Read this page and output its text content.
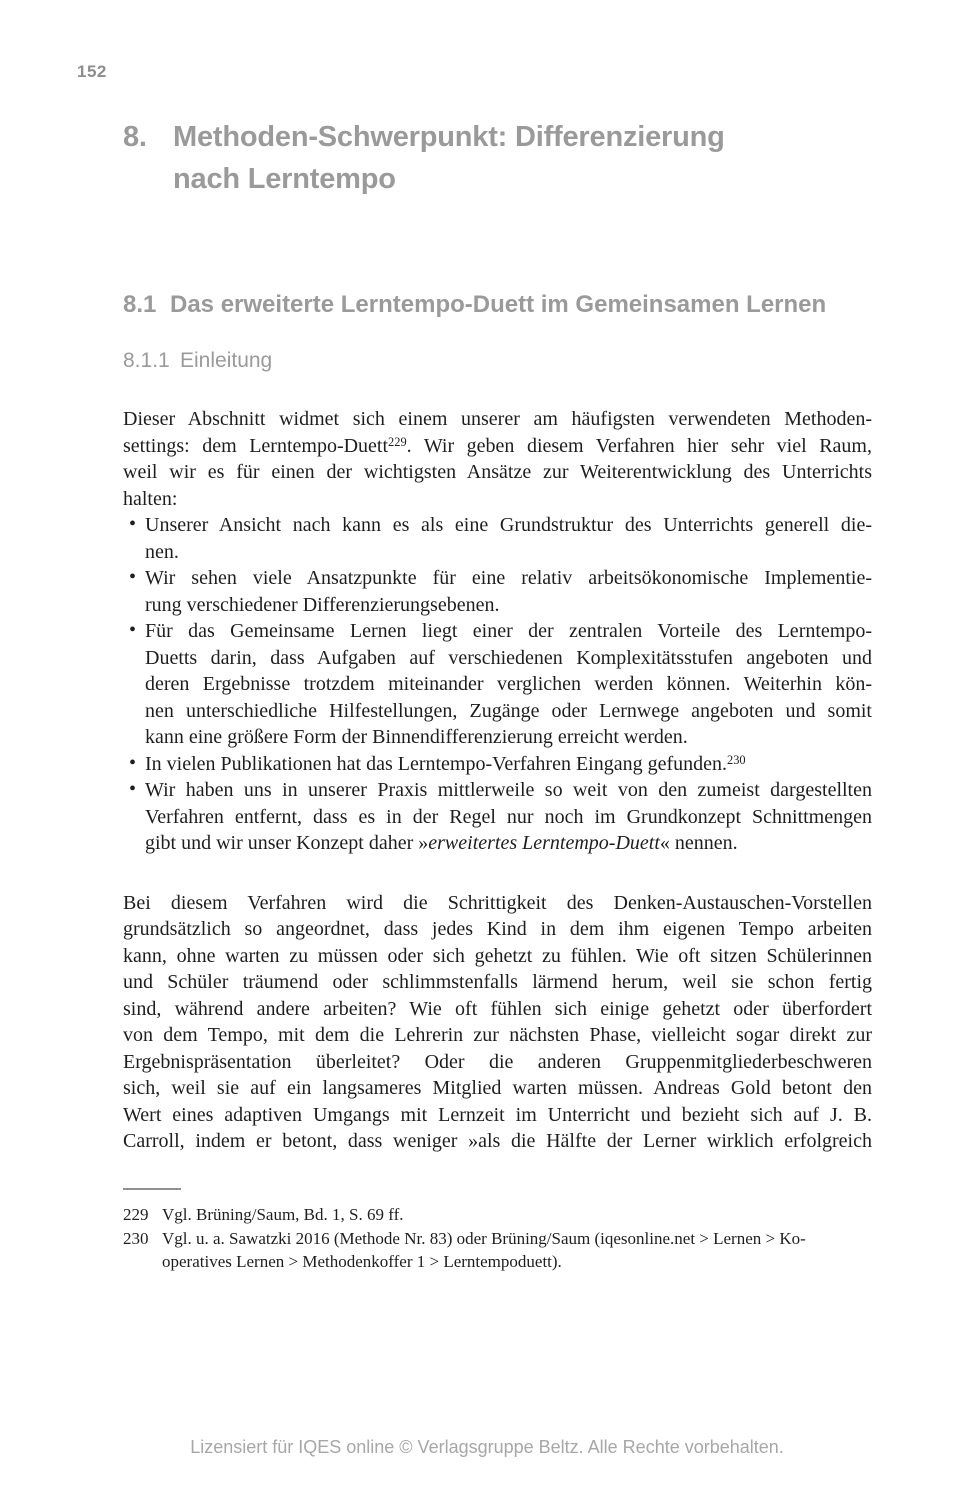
152
8. Methoden-Schwerpunkt: Differenzierung
nach Lerntempo
8.1 Das erweiterte Lerntempo-Duett im Gemeinsamen Lernen
8.1.1 Einleitung
Dieser Abschnitt widmet sich einem unserer am häufigsten verwendeten Methoden-
settings: dem Lerntempo-Duett$^{229}$. Wir geben diesem Verfahren hier sehr viel Raum,
weil wir es für einen der wichtigsten Ansätze zur Weiterentwicklung des Unterrichts
halten:
• Unserer Ansicht nach kann es als eine Grundstruktur des Unterrichts generell die-
nen.
• Wir sehen viele Ansatzpunkte für eine relativ arbeitsökonomische Implementie-
rung verschiedener Differenzierungsebenen.
• Für das Gemeinsame Lernen liegt einer der zentralen Vorteile des Lerntempo-
Duetts darin, dass Aufgaben auf verschiedenen Komplexitätsstufen angeboten und
deren Ergebnisse trotzdem miteinander verglichen werden können. Weiterhin kön-
nen unterschiedliche Hilfestellungen, Zugänge oder Lernwege angeboten und somit
kann eine größere Form der Binnendifferenzierung erreicht werden.
• In vielen Publikationen hat das Lerntempo-Verfahren Eingang gefunden.$^{230}$
• Wir haben uns in unserer Praxis mittlerweile so weit von den zumeist dargestellten
Verfahren entfernt, dass es in der Regel nur noch im Grundkonzept Schnittmengen
gibt und wir unser Konzept daher »erweitertes Lerntempo-Duett« nennen.
Bei diesem Verfahren wird die Schrittigkeit des Denken-Austauschen-Vorstellen
grundsätzlich so angeordnet, dass jedes Kind in dem ihm eigenen Tempo arbeiten
kann, ohne warten zu müssen oder sich gehetzt zu fühlen. Wie oft sitzen Schülerinnen
und Schüler träumend oder schlimmstenfalls lärmend herum, weil sie schon fertig
sind, während andere arbeiten? Wie oft fühlen sich einige gehetzt oder überfordert
von dem Tempo, mit dem die Lehrerin zur nächsten Phase, vielleicht sogar direkt zur
Ergebnispräsentation überleitet? Oder die anderen Gruppenmitgliederbeschweren
sich, weil sie auf ein langsameres Mitglied warten müssen. Andreas Gold betont den
Wert eines adaptiven Umgangs mit Lernzeit im Unterricht und bezieht sich auf J. B.
Carroll, indem er betont, dass weniger »als die Hälfte der Lerner wirklich erfolgreich
229 Vgl. Brüning/Saum, Bd. 1, S. 69 ff.
230 Vgl. u. a. Sawatzki 2016 (Methode Nr. 83) oder Brüning/Saum (iqesonline.net > Lernen > Ko-
operatives Lernen > Methodenkoffer 1 > Lerntempoduett).
Lizensiert für IQES online © Verlagsgruppe Beltz. Alle Rechte vorbehalten.
